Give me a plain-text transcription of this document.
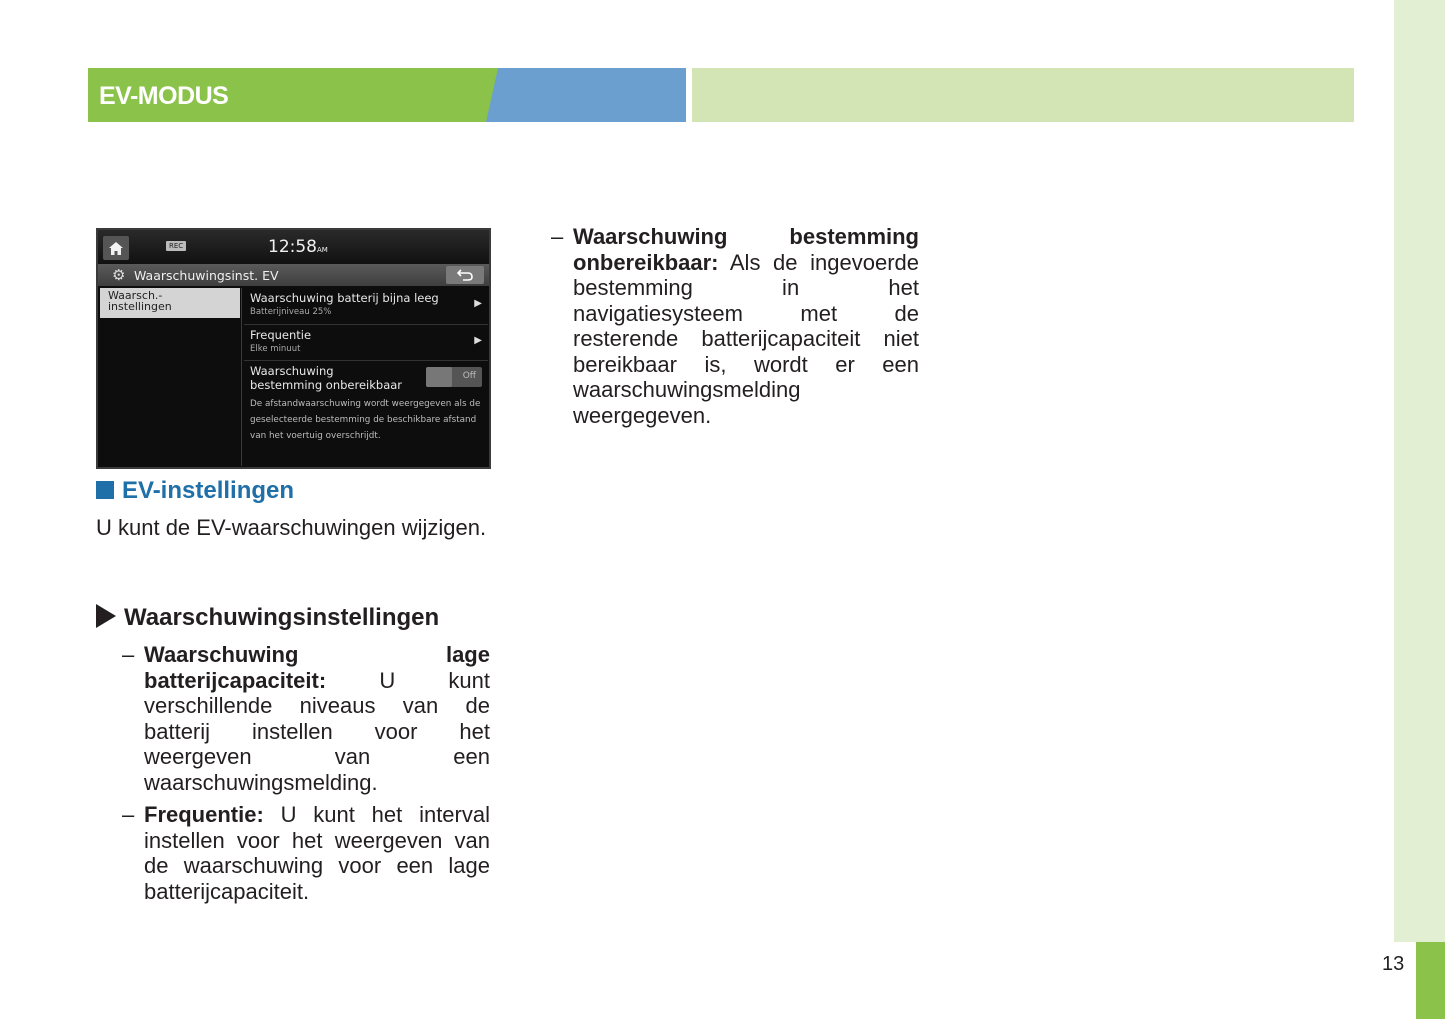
EV-MODUS
13
REC	12:58AM
⚙ Waarschuwingsinst. EV
Waarsch.-
instellingen
Waarschuwing batterij bijna leeg
Batterijniveau 25%
▶
Frequentie
Elke minuut
▶
Waarschuwing
bestemming onbereikbaar
Off
De afstandwaarschuwing wordt weergegeven als de geselecteerde bestemming de beschikbare afstand van het voertuig overschrijdt.
EV-instellingen
U kunt de EV-waarschuwingen wijzigen.
Waarschuwingsinstellingen
– Waarschuwing lage batterijcapaciteit: U kunt verschillende niveaus van de batterij instellen voor het weergeven van een waarschuwingsmelding.
– Frequentie: U kunt het interval instellen voor het weergeven van de waarschuwing voor een lage batterijcapaciteit.
– Waarschuwing bestemming onbereikbaar: Als de ingevoerde bestemming in het navigatiesysteem met de resterende batterijcapaciteit niet bereikbaar is, wordt er een waarschuwingsmelding weergegeven.
